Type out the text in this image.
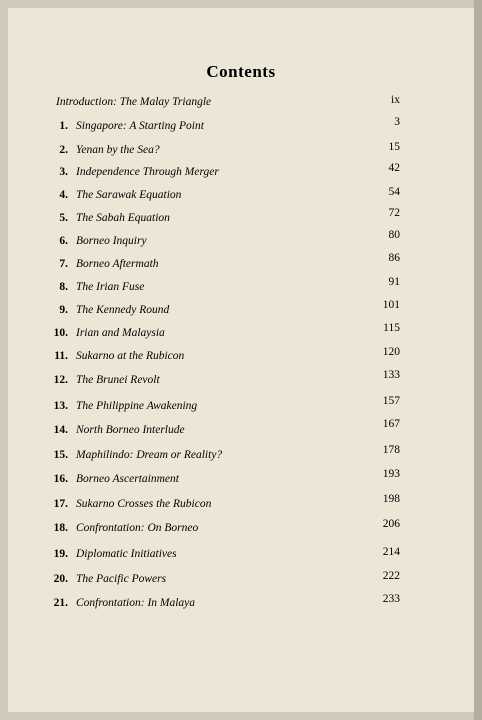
Contents
Introduction: The Malay Triangle	ix
1. Singapore: A Starting Point	3
2. Yenan by the Sea?	15
3. Independence Through Merger	42
4. The Sarawak Equation	54
5. The Sabah Equation	72
6. Borneo Inquiry	80
7. Borneo Aftermath	86
8. The Irian Fuse	91
9. The Kennedy Round	101
10. Irian and Malaysia	115
11. Sukarno at the Rubicon	120
12. The Brunei Revolt	133
13. The Philippine Awakening	157
14. North Borneo Interlude	167
15. Maphilindo: Dream or Reality?	178
16. Borneo Ascertainment	193
17. Sukarno Crosses the Rubicon	198
18. Confrontation: On Borneo	206
19. Diplomatic Initiatives	214
20. The Pacific Powers	222
21. Confrontation: In Malaya	233
